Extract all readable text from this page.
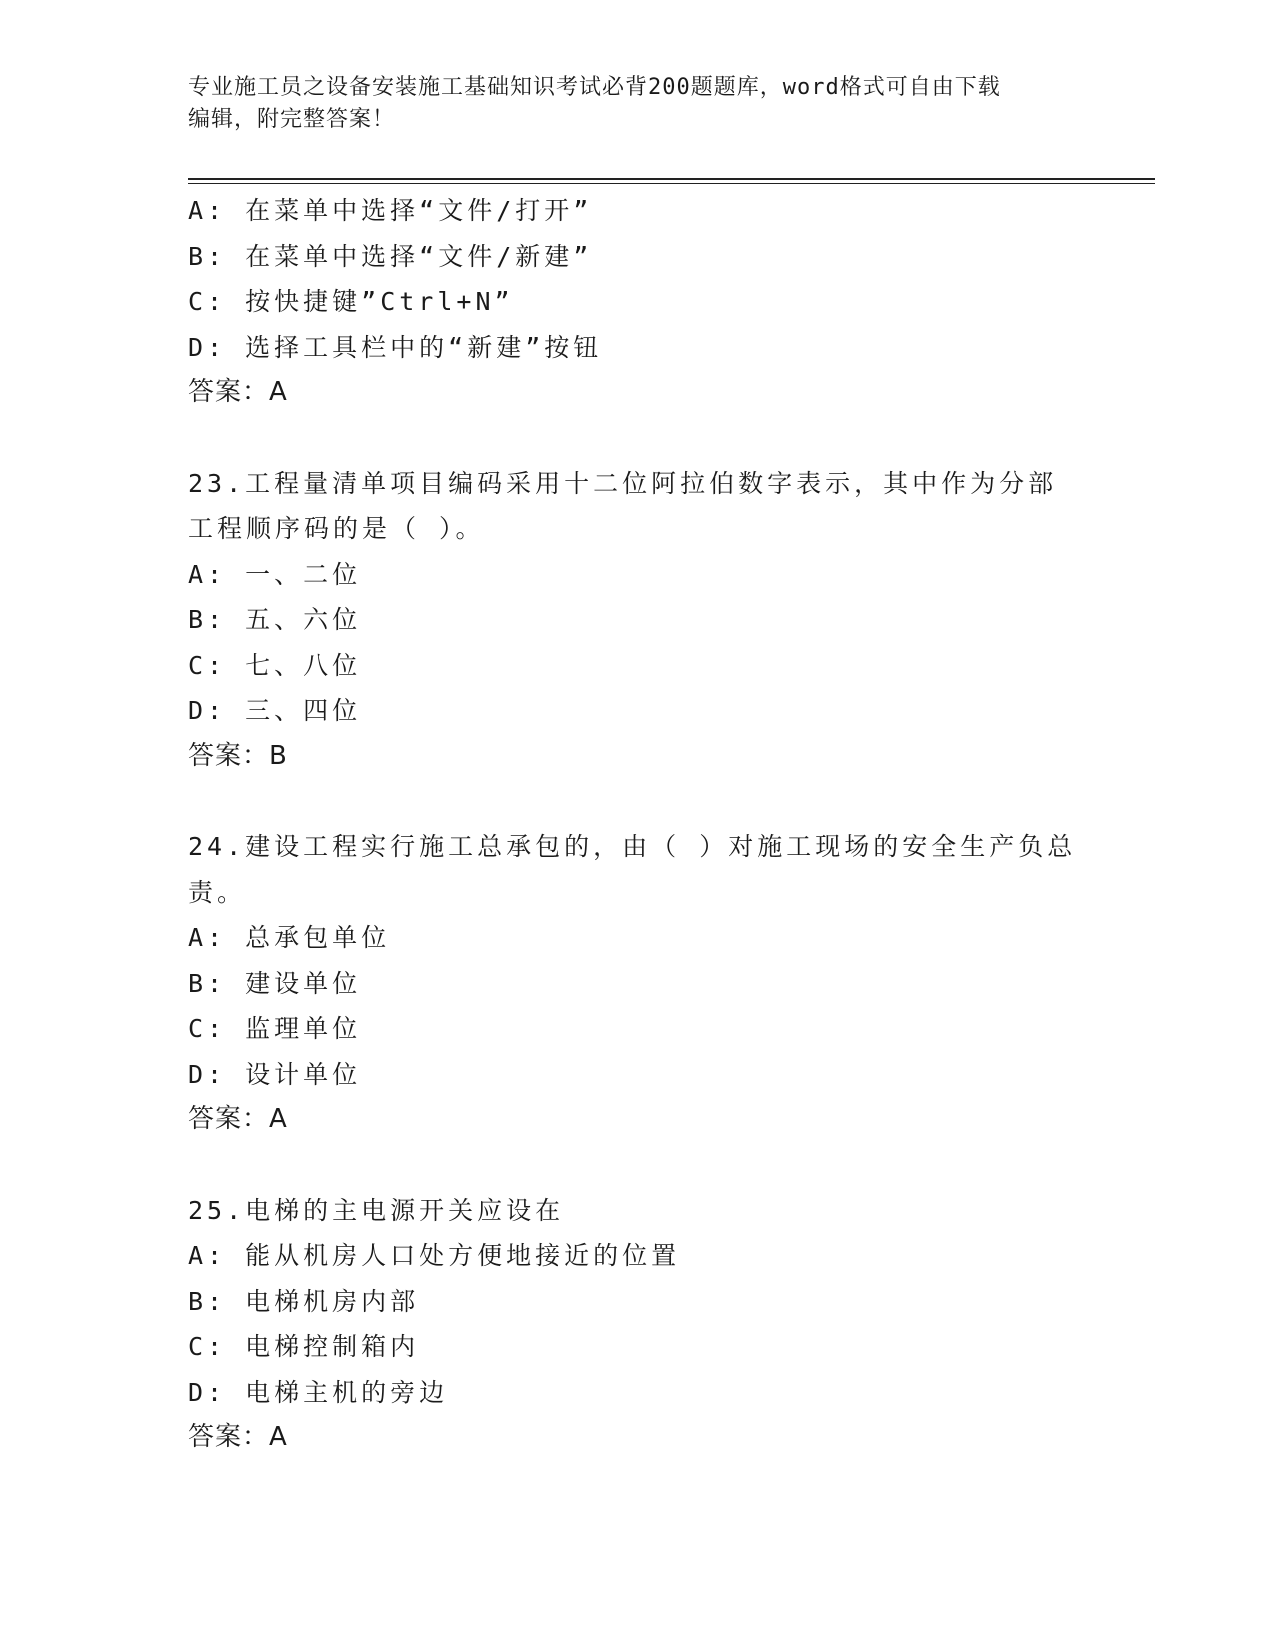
专业施工员之设备安装施工基础知识考试必背200题题库，word格式可自由下载
编辑，附完整答案！
A: 在菜单中选择“文件/打开”
B: 在菜单中选择“文件/新建”
C: 按快捷键”Ctrl+N”
D: 选择工具栏中的“新建”按钮
答案：A
23.工程量清单项目编码采用十二位阿拉伯数字表示，其中作为分部工程顺序码的是（ ）。
A: 一、二位
B: 五、六位
C: 七、八位
D: 三、四位
答案：B
24.建设工程实行施工总承包的，由（ ）对施工现场的安全生产负总责。
A: 总承包单位
B: 建设单位
C: 监理单位
D: 设计单位
答案：A
25.电梯的主电源开关应设在
A: 能从机房人口处方便地接近的位置
B: 电梯机房内部
C: 电梯控制箱内
D: 电梯主机的旁边
答案：A
